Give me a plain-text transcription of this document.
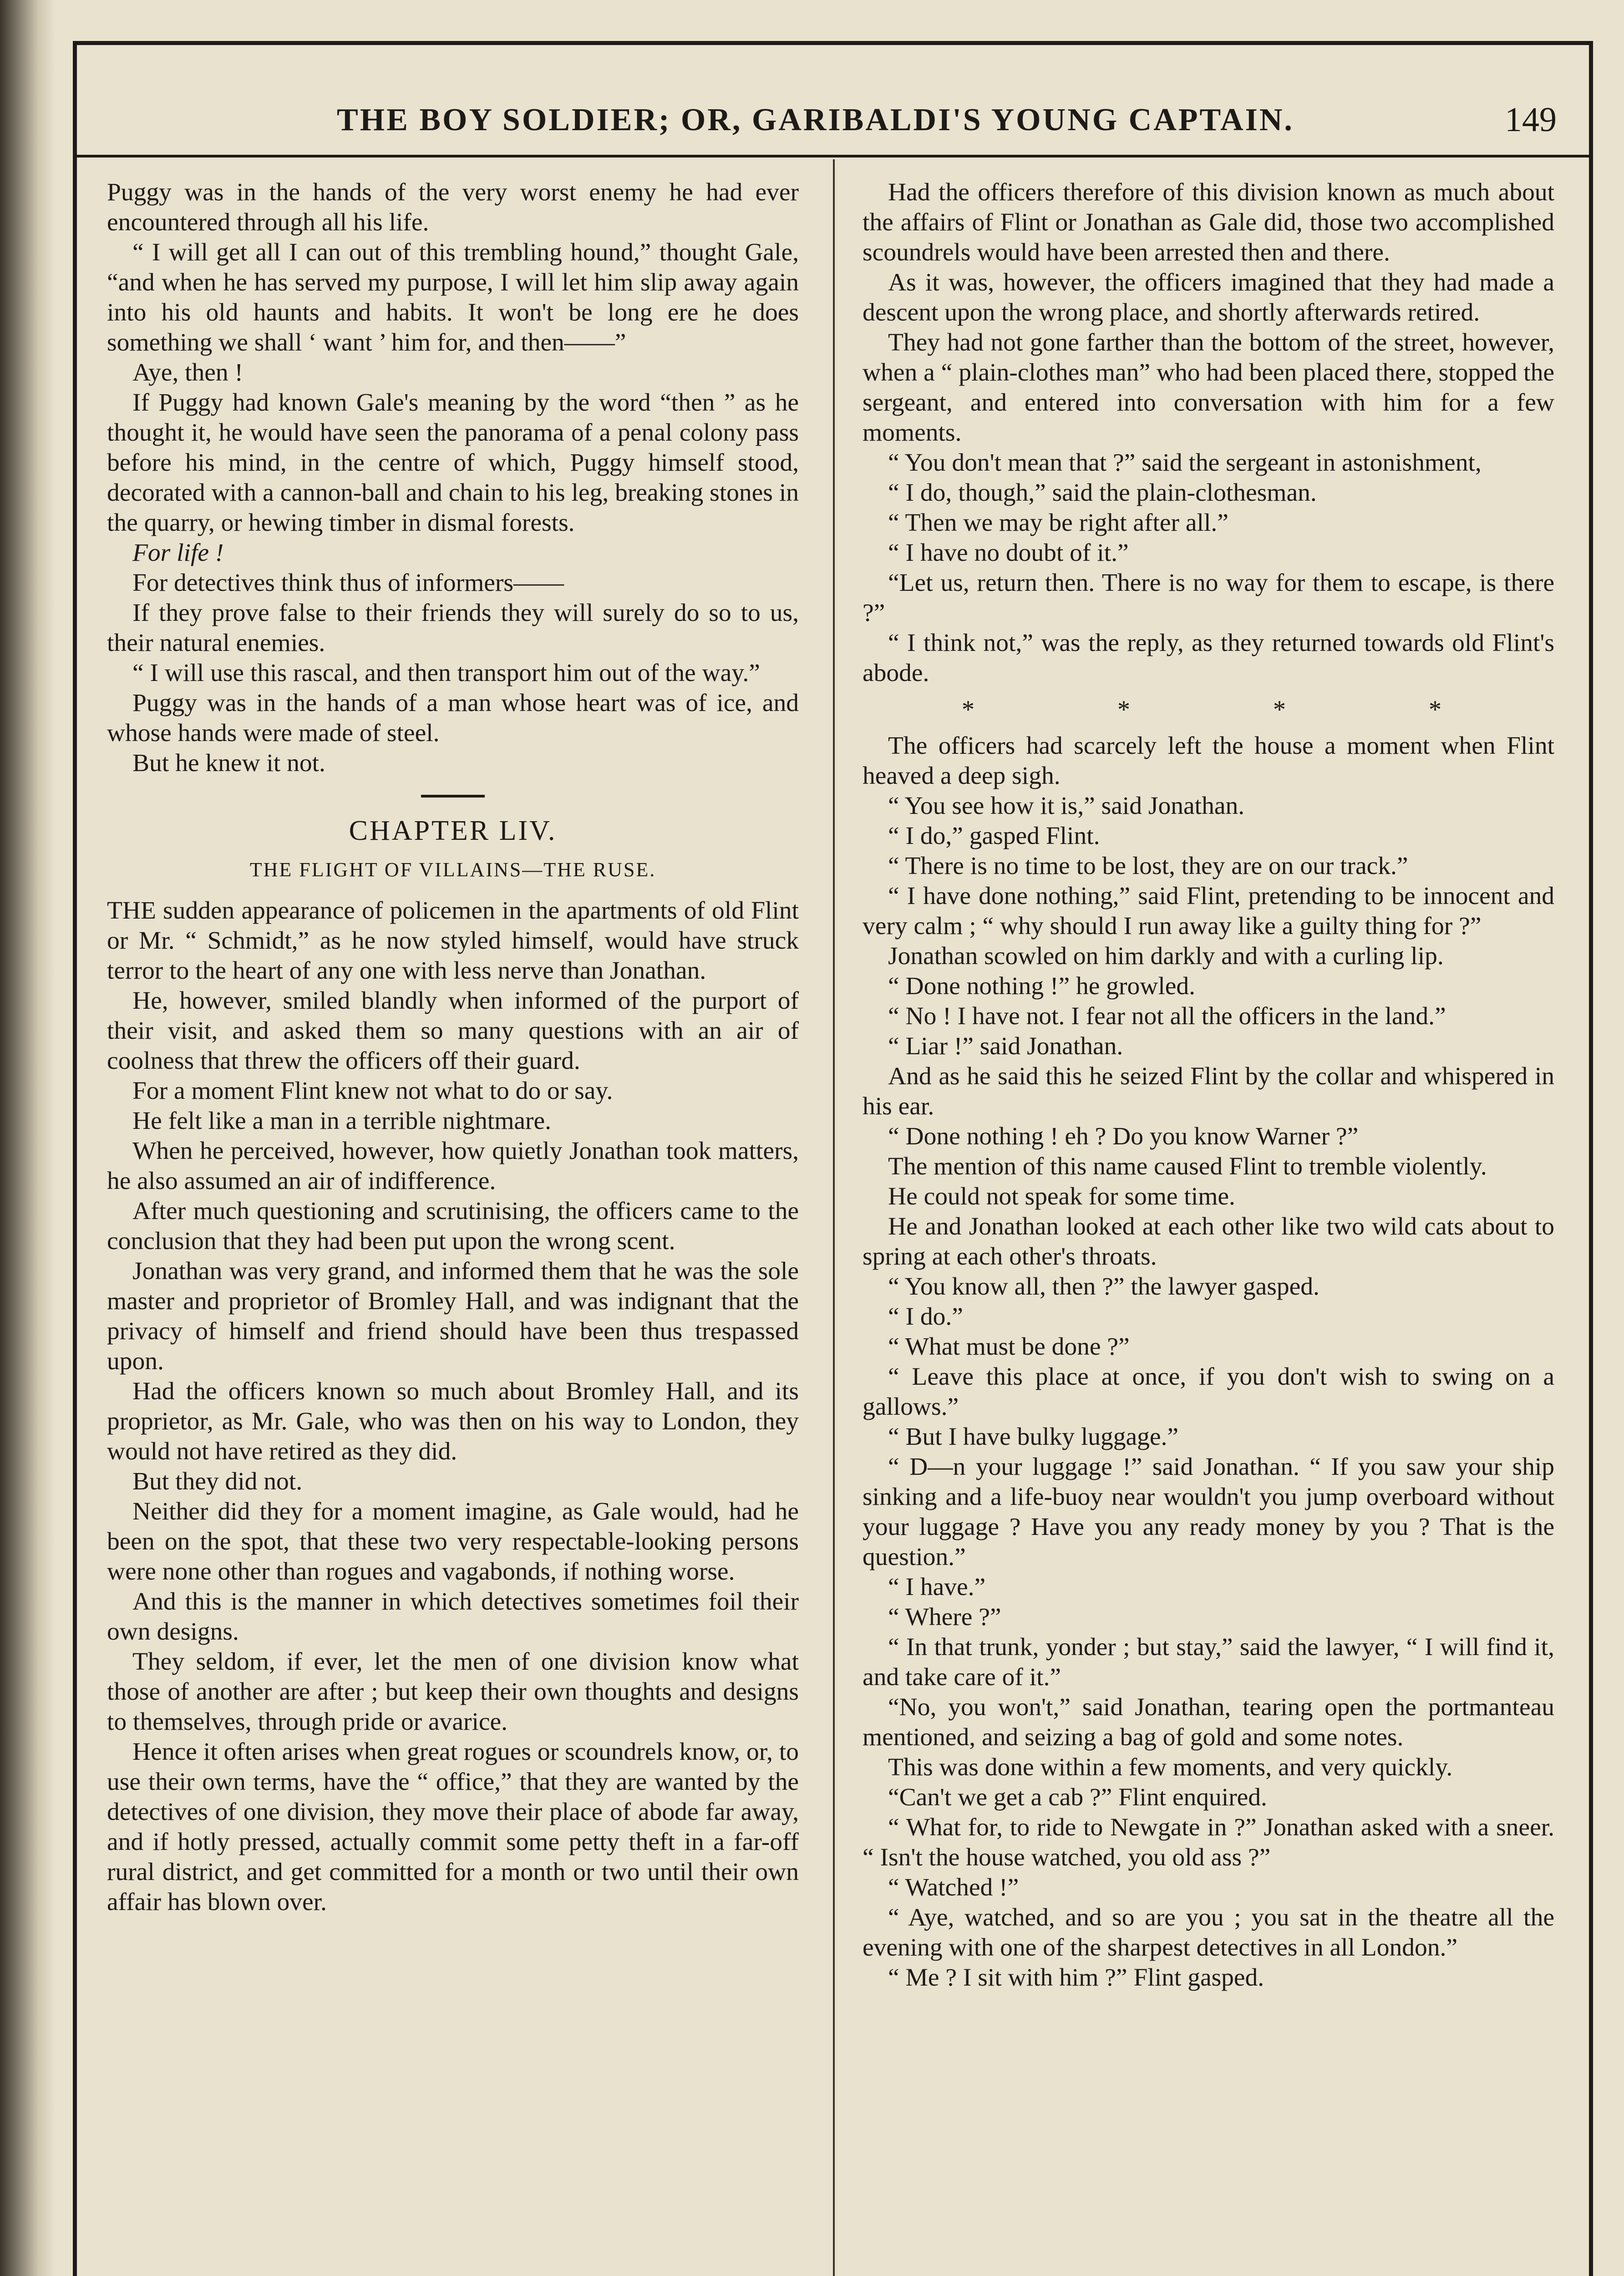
THE BOY SOLDIER; OR, GARIBALDI'S YOUNG CAPTAIN.	149

Puggy was in the hands of the very worst enemy he had ever encountered through all his life.

“ I will get all I can out of this trembling hound,” thought Gale, “and when he has served my purpose, I will let him slip away again into his old haunts and habits. It won't be long ere he does something we shall ‘ want ’ him for, and then——”

Aye, then !

If Puggy had known Gale's meaning by the word “then ” as he thought it, he would have seen the panorama of a penal colony pass before his mind, in the centre of which, Puggy himself stood, decorated with a cannon-ball and chain to his leg, breaking stones in the quarry, or hewing timber in dismal forests.

For life !

For detectives think thus of informers——

If they prove false to their friends they will surely do so to us, their natural enemies.

“ I will use this rascal, and then transport him out of the way.”

Puggy was in the hands of a man whose heart was of ice, and whose hands were made of steel.

But he knew it not.

CHAPTER LIV.
THE FLIGHT OF VILLAINS—THE RUSE.

THE sudden appearance of policemen in the apartments of old Flint or Mr. “ Schmidt,” as he now styled himself, would have struck terror to the heart of any one with less nerve than Jonathan.

He, however, smiled blandly when informed of the purport of their visit, and asked them so many questions with an air of coolness that threw the officers off their guard.

For a moment Flint knew not what to do or say.

He felt like a man in a terrible nightmare.

When he perceived, however, how quietly Jonathan took matters, he also assumed an air of indifference.

After much questioning and scrutinising, the officers came to the conclusion that they had been put upon the wrong scent.

Jonathan was very grand, and informed them that he was the sole master and proprietor of Bromley Hall, and was indignant that the privacy of himself and friend should have been thus trespassed upon.

Had the officers known so much about Bromley Hall, and its proprietor, as Mr. Gale, who was then on his way to London, they would not have retired as they did.

But they did not.

Neither did they for a moment imagine, as Gale would, had he been on the spot, that these two very respectable-looking persons were none other than rogues and vagabonds, if nothing worse.

And this is the manner in which detectives sometimes foil their own designs.

They seldom, if ever, let the men of one division know what those of another are after ; but keep their own thoughts and designs to themselves, through pride or avarice.

Hence it often arises when great rogues or scoundrels know, or, to use their own terms, have the “ office,” that they are wanted by the detectives of one division, they move their place of abode far away, and if hotly pressed, actually commit some petty theft in a far-off rural district, and get committed for a month or two until their own affair has blown over.

Had the officers therefore of this division known as much about the affairs of Flint or Jonathan as Gale did, those two accomplished scoundrels would have been arrested then and there.

As it was, however, the officers imagined that they had made a descent upon the wrong place, and shortly afterwards retired.

They had not gone farther than the bottom of the street, however, when a “ plain-clothes man” who had been placed there, stopped the sergeant, and entered into conversation with him for a few moments.

“ You don't mean that ?” said the sergeant in astonishment,

“ I do, though,” said the plain-clothesman.

“ Then we may be right after all.”

“ I have no doubt of it.”

“Let us, return then. There is no way for them to escape, is there ?”

“ I think not,” was the reply, as they returned towards old Flint's abode.

* * * *

The officers had scarcely left the house a moment when Flint heaved a deep sigh.

“ You see how it is,” said Jonathan.

“ I do,” gasped Flint.

“ There is no time to be lost, they are on our track.”

“ I have done nothing,” said Flint, pretending to be innocent and very calm ; “ why should I run away like a guilty thing for ?”

Jonathan scowled on him darkly and with a curling lip.

“ Done nothing !” he growled.

“ No ! I have not. I fear not all the officers in the land.”

“ Liar !” said Jonathan.

And as he said this he seized Flint by the collar and whispered in his ear.

“ Done nothing ! eh ? Do you know Warner ?”

The mention of this name caused Flint to tremble violently.

He could not speak for some time.

He and Jonathan looked at each other like two wild cats about to spring at each other's throats.

“ You know all, then ?” the lawyer gasped.

“ I do.”

“ What must be done ?”

“ Leave this place at once, if you don't wish to swing on a gallows.”

“ But I have bulky luggage.”

“ D—n your luggage !” said Jonathan. “ If you saw your ship sinking and a life-buoy near wouldn't you jump overboard without your luggage ? Have you any ready money by you ? That is the question.”

“ I have.”

“ Where ?”

“ In that trunk, yonder ; but stay,” said the lawyer, “ I will find it, and take care of it.”

“No, you won't,” said Jonathan, tearing open the portmanteau mentioned, and seizing a bag of gold and some notes.

This was done within a few moments, and very quickly.

“Can't we get a cab ?” Flint enquired.

“ What for, to ride to Newgate in ?” Jonathan asked with a sneer. “ Isn't the house watched, you old ass ?”

“ Watched !”

“ Aye, watched, and so are you ; you sat in the theatre all the evening with one of the sharpest detectives in all London.”

“ Me ? I sit with him ?” Flint gasped.
